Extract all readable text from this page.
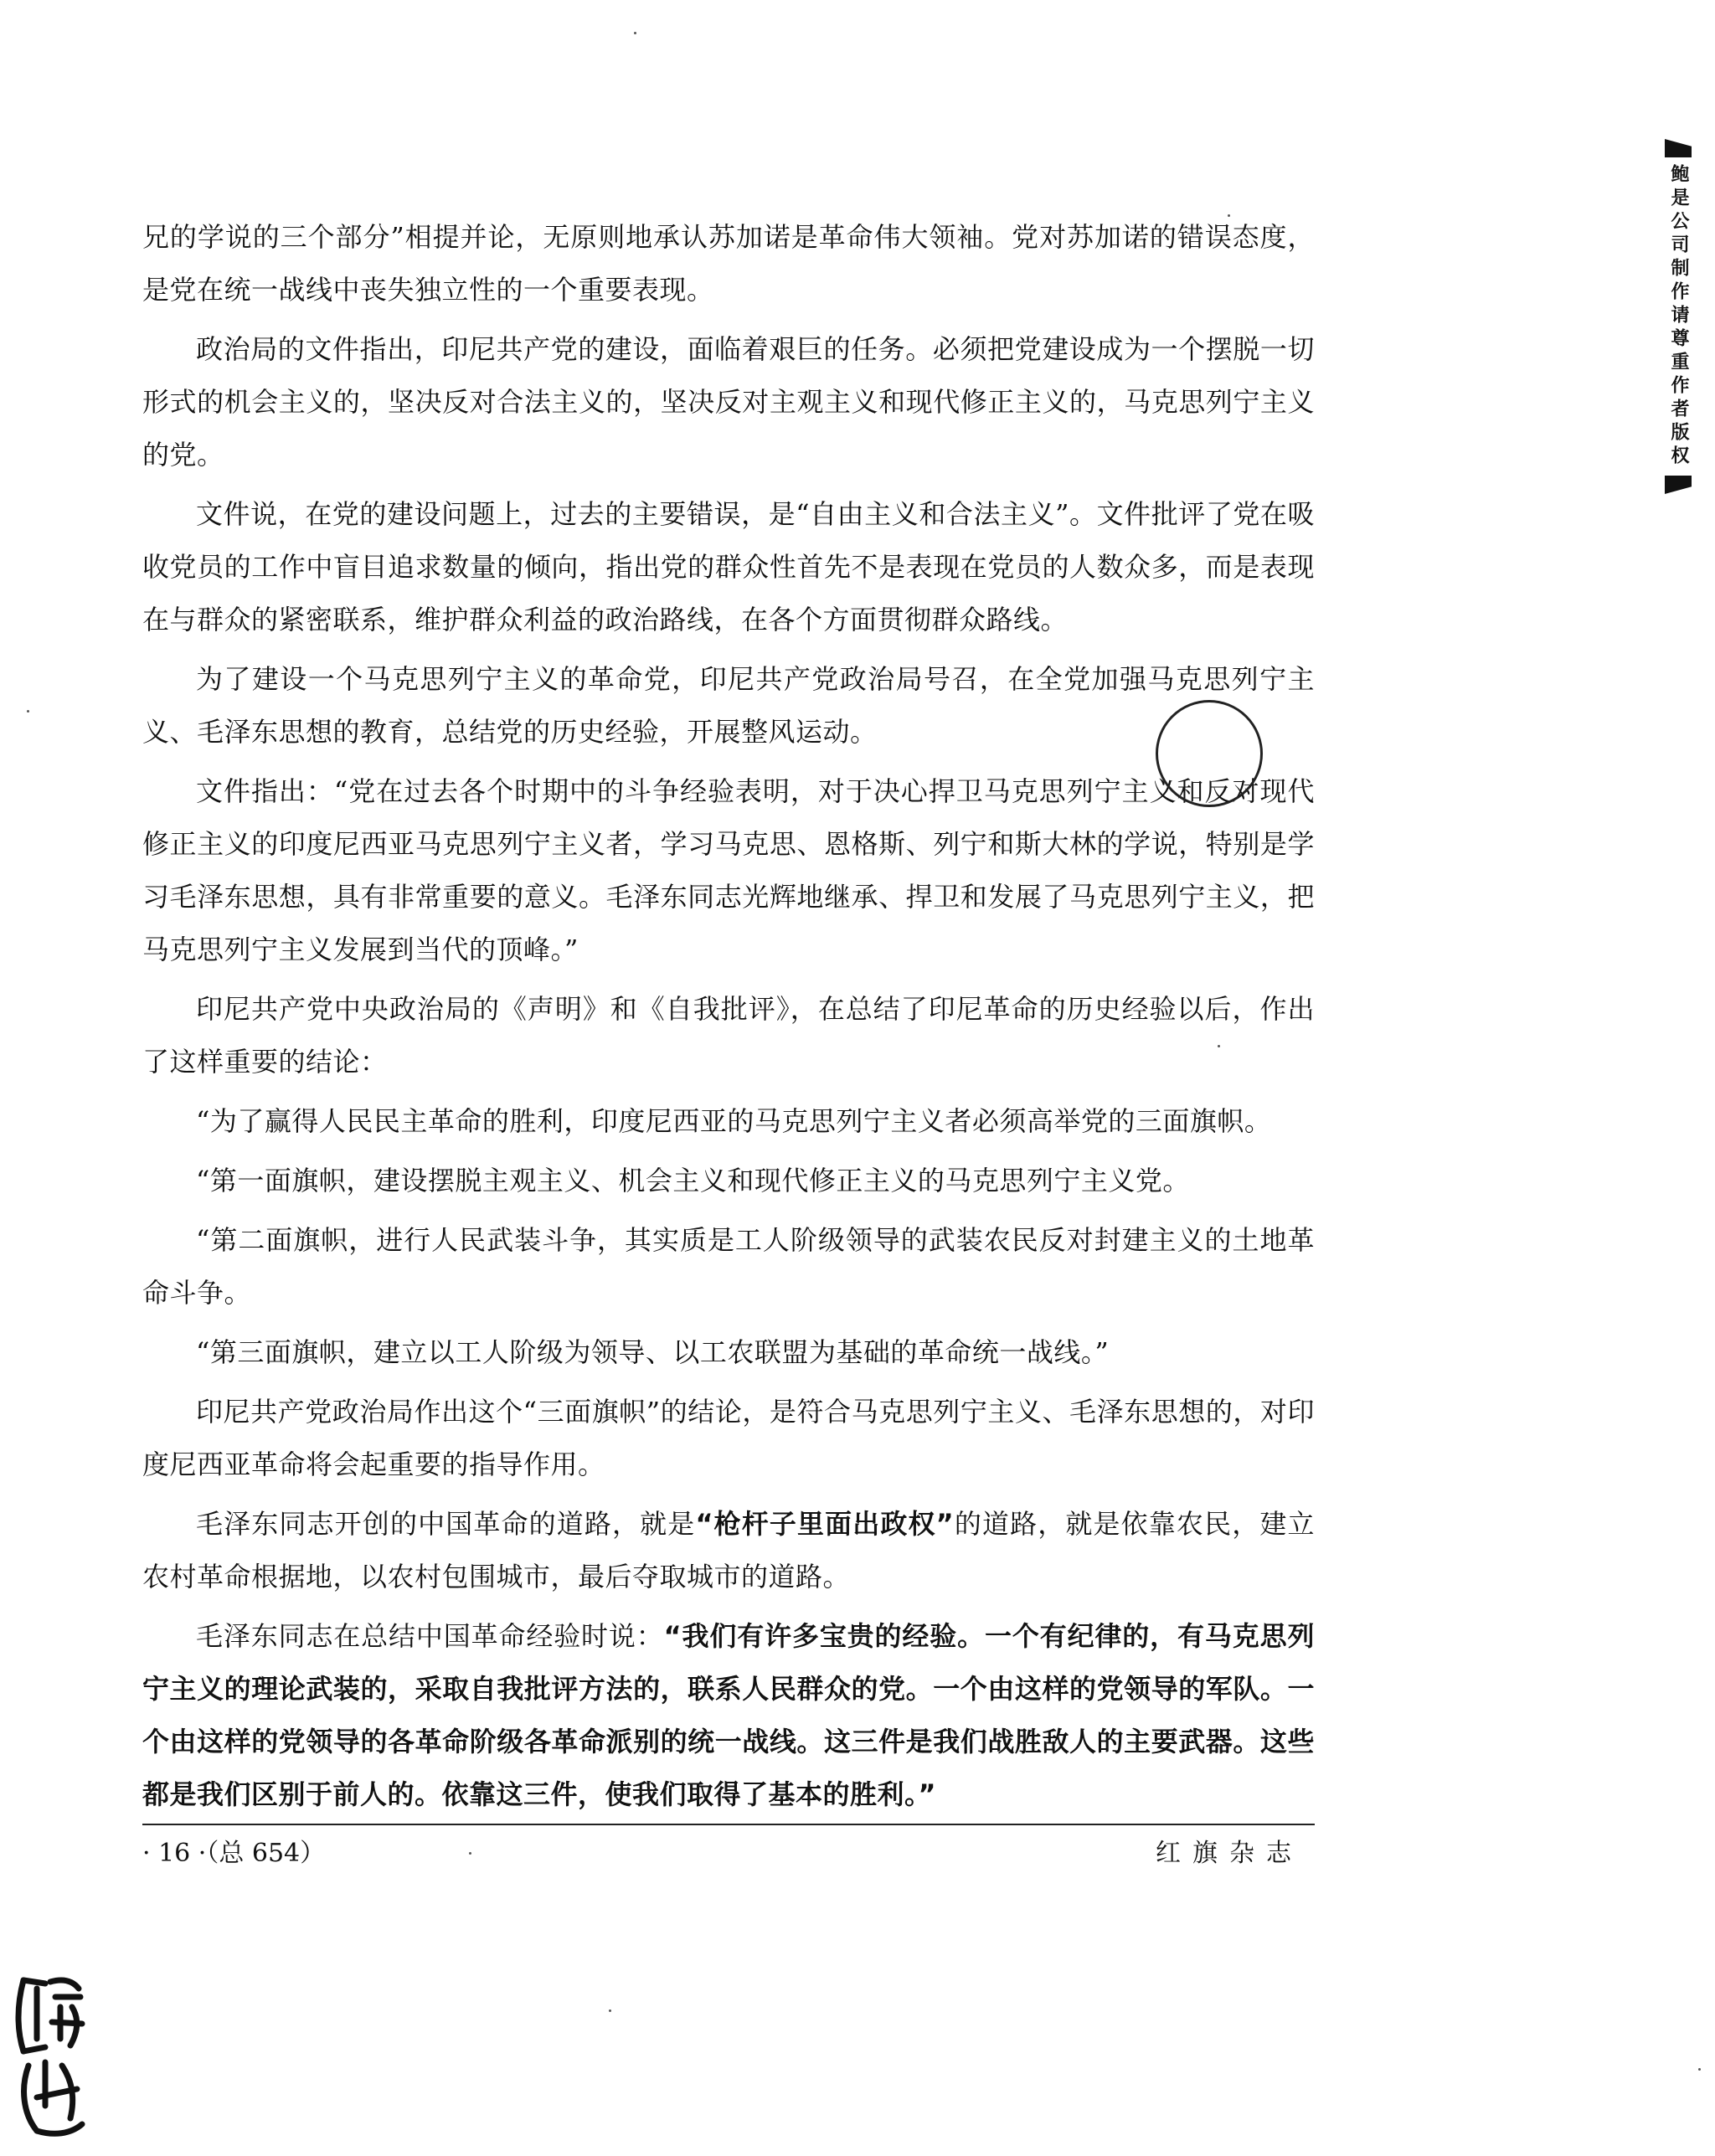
鲍是公司制作请尊重作者版权

兄的学说的三个部分”相提并论，无原则地承认苏加诺是革命伟大领袖。党对苏加诺的错误态度，是党在统一战线中丧失独立性的一个重要表现。

政治局的文件指出，印尼共产党的建设，面临着艰巨的任务。必须把党建设成为一个摆脱一切形式的机会主义的，坚决反对合法主义的，坚决反对主观主义和现代修正主义的，马克思列宁主义的党。

文件说，在党的建设问题上，过去的主要错误，是“自由主义和合法主义”。文件批评了党在吸收党员的工作中盲目追求数量的倾向，指出党的群众性首先不是表现在党员的人数众多，而是表现在与群众的紧密联系，维护群众利益的政治路线，在各个方面贯彻群众路线。

为了建设一个马克思列宁主义的革命党，印尼共产党政治局号召，在全党加强马克思列宁主义、毛泽东思想的教育，总结党的历史经验，开展整风运动。

文件指出：“党在过去各个时期中的斗争经验表明，对于决心捍卫马克思列宁主义和反对现代修正主义的印度尼西亚马克思列宁主义者，学习马克思、恩格斯、列宁和斯大林的学说，特别是学习毛泽东思想，具有非常重要的意义。毛泽东同志光辉地继承、捍卫和发展了马克思列宁主义，把马克思列宁主义发展到当代的顶峰。”

印尼共产党中央政治局的《声明》和《自我批评》，在总结了印尼革命的历史经验以后，作出了这样重要的结论：

“为了赢得人民民主革命的胜利，印度尼西亚的马克思列宁主义者必须高举党的三面旗帜。

“第一面旗帜，建设摆脱主观主义、机会主义和现代修正主义的马克思列宁主义党。

“第二面旗帜，进行人民武装斗争，其实质是工人阶级领导的武装农民反对封建主义的土地革命斗争。

“第三面旗帜，建立以工人阶级为领导、以工农联盟为基础的革命统一战线。”

印尼共产党政治局作出这个“三面旗帜”的结论，是符合马克思列宁主义、毛泽东思想的，对印度尼西亚革命将会起重要的指导作用。

毛泽东同志开创的中国革命的道路，就是“枪杆子里面出政权”的道路，就是依靠农民，建立农村革命根据地，以农村包围城市，最后夺取城市的道路。

毛泽东同志在总结中国革命经验时说：“我们有许多宝贵的经验。一个有纪律的，有马克思列宁主义的理论武装的，采取自我批评方法的，联系人民群众的党。一个由这样的党领导的军队。一个由这样的党领导的各革命阶级各革命派别的统一战线。这三件是我们战胜敌人的主要武器。这些都是我们区别于前人的。依靠这三件，使我们取得了基本的胜利。”

· 16 ·（总 654）	红旗杂志
